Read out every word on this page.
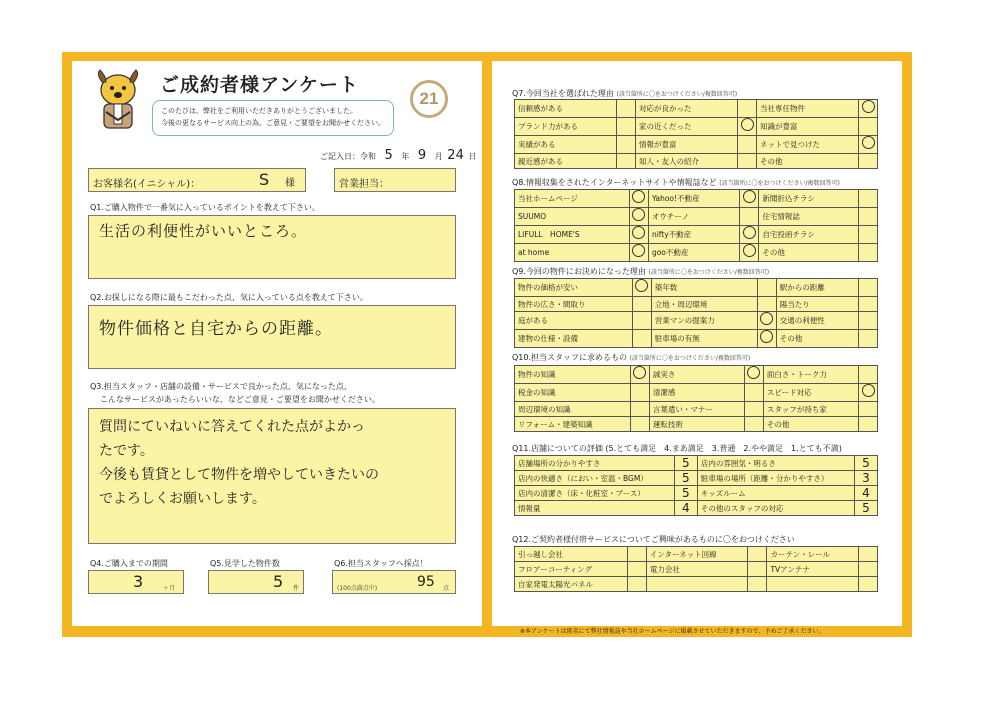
ご成約者様アンケート
このたびは、弊社をご利用いただきありがとうございました。
今後の更なるサービス向上の為、ご意見・ご要望をお聞かせください。
21
ご記入日：令和 5 年 9 月 24 日
お客様名(イニシャル)：	S 様	営業担当：
Q1.ご購入物件で一番気に入っているポイントを教えて下さい。
生活の利便性がいいところ。
Q2.お探しになる際に最もこだわった点、気に入っている点を教えて下さい。
物件価格と自宅からの距離。
Q3.担当スタッフ・店舗の設備・サービスで良かった点、気になった点、
こんなサービスがあったらいいな、などご意見・ご要望をお聞かせください。
質問にていねいに答えてくれた点がよかっ
たです。
今後も賃貸として物件を増やしていきたいの
でよろしくお願いします。
Q4.ご購入までの期間
3	ヶ月
Q5.見学した物件数
5 件
Q6.担当スタッフへ採点！
(100点満点中)	95 点
Q7.今回当社を選ばれた理由 (該当箇所に〇をおつけください/複数回答可)
信頼感がある		対応が良かった		当社専任物件	
ブランド力がある		家の近くだった		知識が豊富	
実績がある		情報が豊富		ネットで見つけた	
親近感がある		知人・友人の紹介		その他	
Q8.情報収集をされたインターネットサイトや情報誌など (該当箇所に〇をおつけください/複数回答可)
当社ホームページ		Yahoo!不動産		新聞折込チラシ	
SUUMO		オウチーノ		住宅情報誌	
LIFULL　HOME'S		nifty不動産		自宅投函チラシ	
at home		goo不動産		その他	
Q9.今回の物件にお決めになった理由 (該当箇所に〇をおつけください/複数回答可)
物件の価格が安い		築年数		駅からの距離	
物件の広さ・間取り		立地・周辺環境		陽当たり	
庭がある		営業マンの提案力		交通の利便性	
建物の仕様・設備		駐車場の有無		その他	
Q10.担当スタッフに求めるもの (該当箇所に〇をおつけください/複数回答可)
物件の知識		誠実さ		面白さ・トーク力	
税金の知識		清潔感		スピード対応	
周辺環境の知識		言葉遣い・マナー		スタッフが持ち家	
リフォーム・建築知識		運転技術		その他	
Q11.店舗についての評価 (5.とても満足　4.まあ満足　3.普通　2.やや満足　1.とても不満)
店舗場所の分かりやすさ	5	店内の雰囲気・明るさ	5
店内の快適さ（におい・室温・BGM）	5	駐車場の場所（距離・分かりやすさ）	3
店内の清潔さ（床・化粧室・ブース）	5	キッズルーム	4
情報量	4	その他のスタッフの対応	5
Q12.ご契約者様付帯サービスについてご興味があるものに〇をおつけください
引っ越し会社		インターネット回線		カーテン・レール	
フロアーコーティング		電力会社		TVアンテナ	
自家発電太陽光パネル					
※本アンケートは匿名にて弊社情報誌や当社ホームページに掲載させていただきますので、予めご了承ください。
